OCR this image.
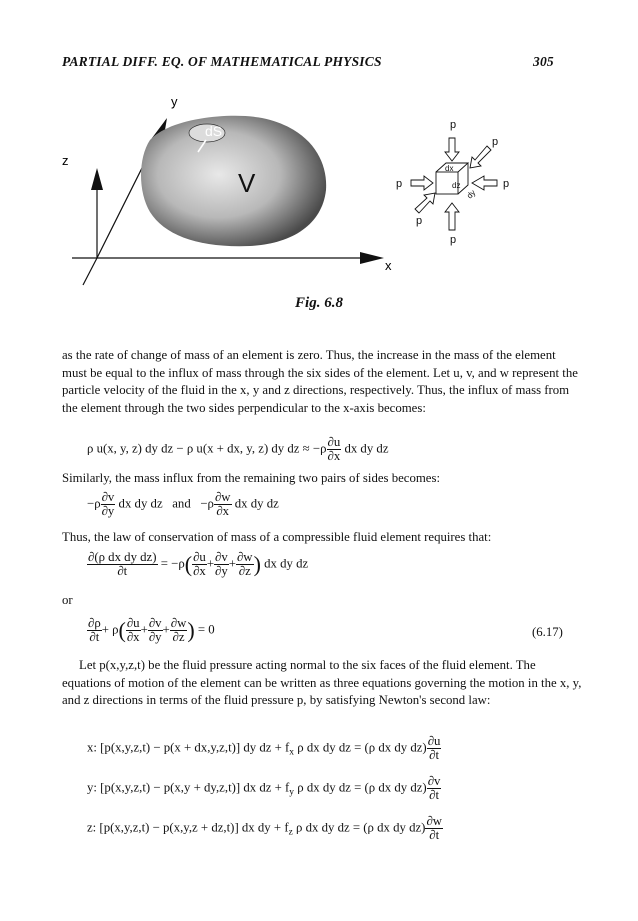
PARTIAL DIFF. EQ. OF MATHEMATICAL PHYSICS	305
dS
V
y
z
x
dx
dz
dy
p
p
p	p
p
p
Fig. 6.8
as the rate of change of mass of an element is zero. Thus, the increase in the mass of the element must be equal to the influx of mass through the six sides of the element. Let u, v, and w represent the particle velocity of the fluid in the x, y and z directions, respectively. Thus, the influx of mass from the element through the two sides perpendicular to the x-axis becomes:
ρ u(x, y, z) dy dz − ρ u(x + dx, y, z) dy dz ≈ $-\rho \frac{\partial u}{\partial x}$ dx dy dz
Similarly, the mass influx from the remaining two pairs of sides becomes:
$-\rho \frac{\partial v}{\partial y}$ dx dy dz and $-\rho \frac{\partial w}{\partial x}$ dx dy dz
Thus, the law of conservation of mass of a compressible fluid element requires that:
$\frac{\text{∂(ρ dx dy dz)}}{\partial t} = -\rho( \frac{\partial u}{\partial x} + \frac{\partial v}{\partial y} + \frac{\partial w}{\partial z}$ ) dx dy dz
or
$\frac{\partial\rho}{\partial t} + \rho( \frac{\partial u}{\partial x} + \frac{\partial v}{\partial y} + \frac{\partial w}{\partial z}$ ) = 0	(6.17)
Let p(x,y,z,t) be the fluid pressure acting normal to the six faces of the fluid element. The equations of motion of the element can be written as three equations governing the motion in the x, y, and z directions in terms of the fluid pressure p, by satisfying Newton's second law:
x: [p(x,y,z,t) − p(x + dx,y,z,t)] dy dz + $f_x$ ρ dx dy dz = (ρ dx dy $dz) \frac{\partial u}{\partial t}$
y: [p(x,y,z,t) − p(x,y + dy,z,t)] dx dz + $f_y$ ρ dx dy dz = (ρ dx dy $dz) \frac{\partial v}{\partial t}$
z: [p(x,y,z,t) − p(x,y,z + dz,t)] dx dy + $f_z$ ρ dx dy dz = (ρ dx dy $dz) \frac{\partial w}{\partial t}$
